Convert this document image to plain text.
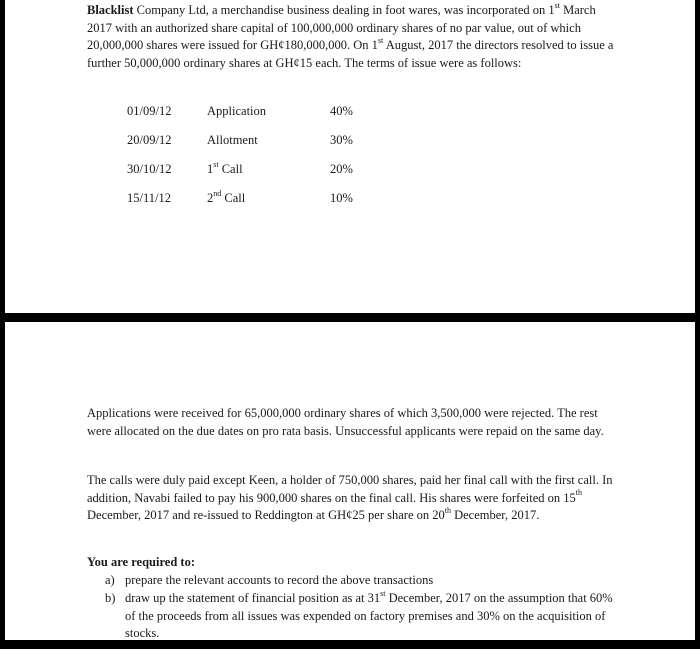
Blacklist Company Ltd, a merchandise business dealing in foot wares, was incorporated on 1st March 2017 with an authorized share capital of 100,000,000 ordinary shares of no par value, out of which 20,000,000 shares were issued for GH¢180,000,000. On 1st August, 2017 the directors resolved to issue a further 50,000,000 ordinary shares at GH¢15 each. The terms of issue were as follows:
01/09/12	Application	40%
20/09/12	Allotment	30%
30/10/12	1st Call	20%
15/11/12	2nd Call	10%
Applications were received for 65,000,000 ordinary shares of which 3,500,000 were rejected. The rest were allocated on the due dates on pro rata basis. Unsuccessful applicants were repaid on the same day.
The calls were duly paid except Keen, a holder of 750,000 shares, paid her final call with the first call. In addition, Navabi failed to pay his 900,000 shares on the final call. His shares were forfeited on 15th December, 2017 and re-issued to Reddington at GH¢25 per share on 20th December, 2017.
You are required to:
a) prepare the relevant accounts to record the above transactions
b) draw up the statement of financial position as at 31st December, 2017 on the assumption that 60% of the proceeds from all issues was expended on factory premises and 30% on the acquisition of stocks.
